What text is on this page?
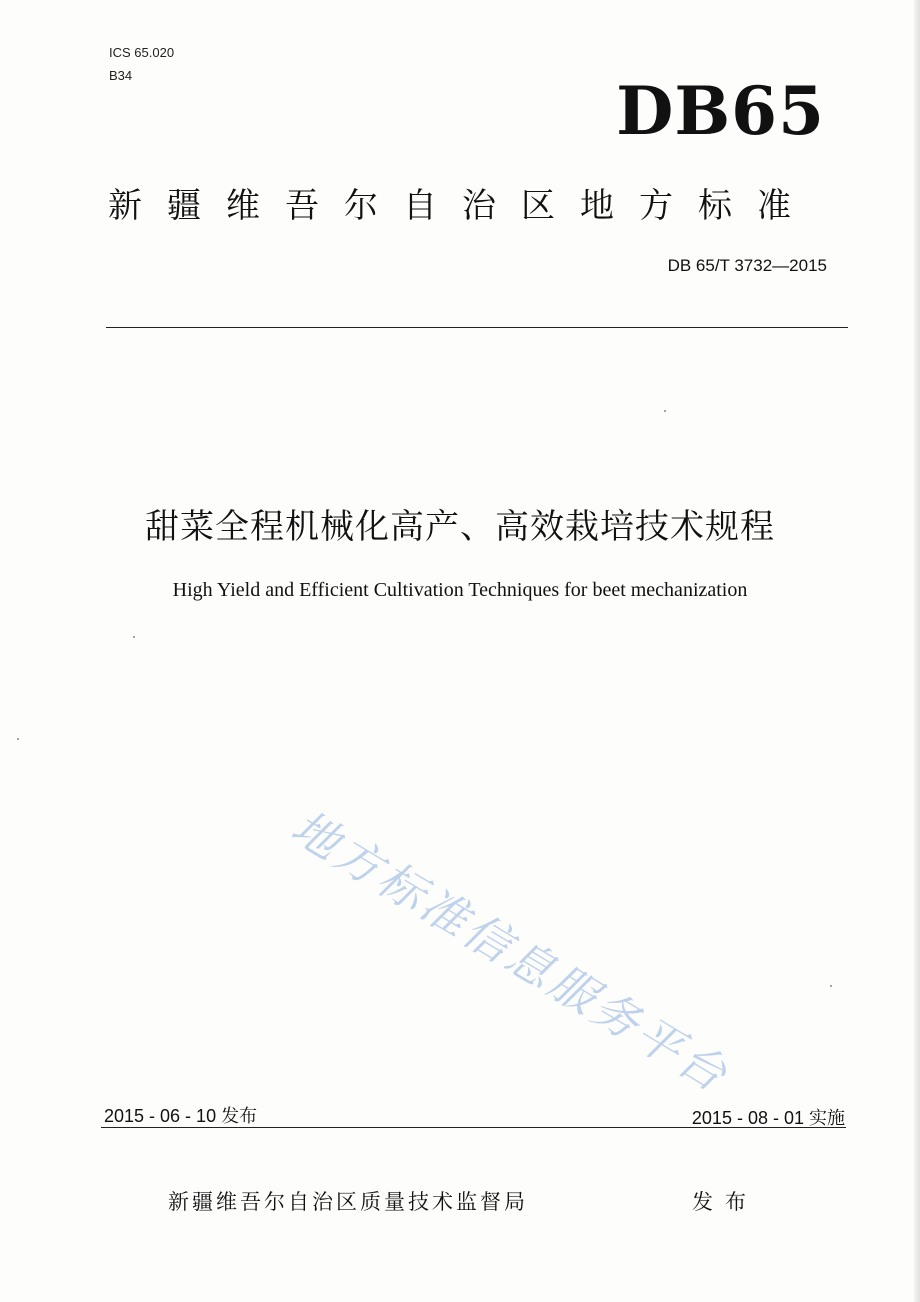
ICS 65.020
B34	DB65
新疆维吾尔自治区地方标准
DB 65/T 3732—2015
甜菜全程机械化高产、高效栽培技术规程
High Yield and Efficient Cultivation Techniques for beet mechanization
地方标准信息服务平台
2015 - 06 - 10 发布	2015 - 08 - 01 实施
新疆维吾尔自治区质量技术监督局	发布
